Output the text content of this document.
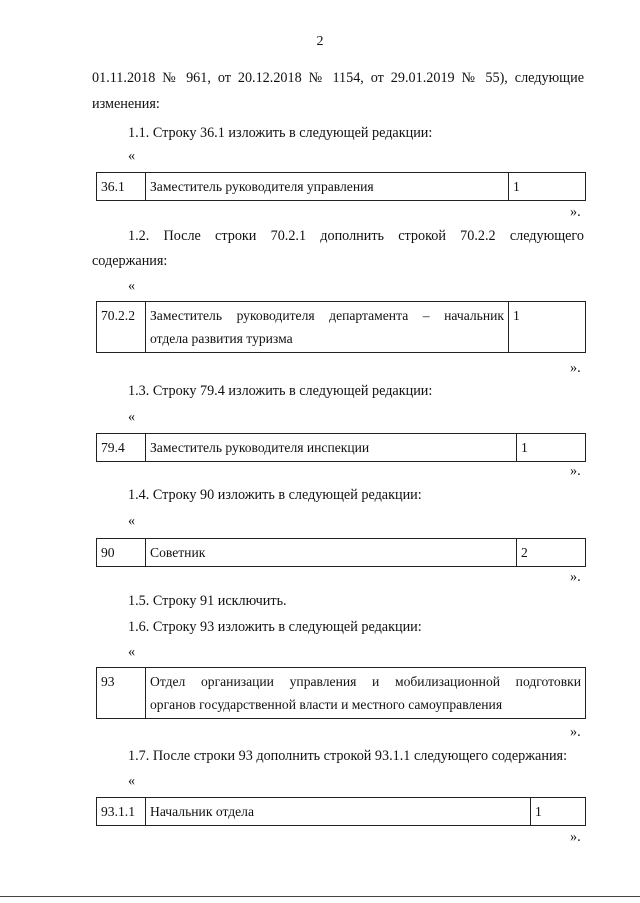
2
01.11.2018 № 961, от 20.12.2018 № 1154, от 29.01.2019 № 55), следующие
изменения:
1.1. Строку 36.1 изложить в следующей редакции:
«
36.1	Заместитель руководителя управления	1
».
1.2. После строки 70.2.1 дополнить строкой 70.2.2 следующего
содержания:
«
70.2.2	Заместитель руководителя департамента – начальник
отдела развития туризма
	1
».
1.3. Строку 79.4 изложить в следующей редакции:
«
79.4	Заместитель руководителя инспекции	1
».
1.4. Строку 90 изложить в следующей редакции:
«
90	Советник	2
».
1.5. Строку 91 исключить.
1.6. Строку 93 изложить в следующей редакции:
«
93	Отдел организации управления и мобилизационной подготовки
органов государственной власти и местного самоуправления
».
1.7. После строки 93 дополнить строкой 93.1.1 следующего содержания:
«
93.1.1	Начальник отдела	1
».
